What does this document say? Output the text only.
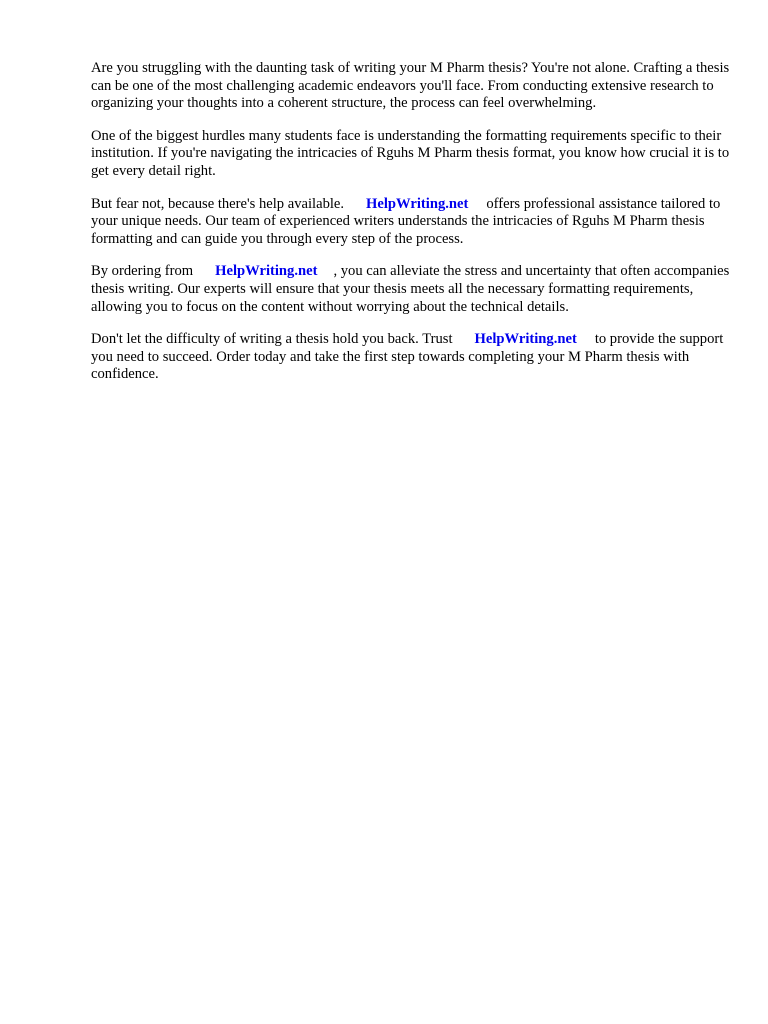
Are you struggling with the daunting task of writing your M Pharm thesis? You're not alone. Crafting a thesis can be one of the most challenging academic endeavors you'll face. From conducting extensive research to organizing your thoughts into a coherent structure, the process can feel overwhelming.

One of the biggest hurdles many students face is understanding the formatting requirements specific to their institution. If you're navigating the intricacies of Rguhs M Pharm thesis format, you know how crucial it is to get every detail right.

But fear not, because there's help available. HelpWriting.net offers professional assistance tailored to your unique needs. Our team of experienced writers understands the intricacies of Rguhs M Pharm thesis formatting and can guide you through every step of the process.

By ordering from HelpWriting.net , you can alleviate the stress and uncertainty that often accompanies thesis writing. Our experts will ensure that your thesis meets all the necessary formatting requirements, allowing you to focus on the content without worrying about the technical details.

Don't let the difficulty of writing a thesis hold you back. Trust HelpWriting.net to provide the support you need to succeed. Order today and take the first step towards completing your M Pharm thesis with confidence.
